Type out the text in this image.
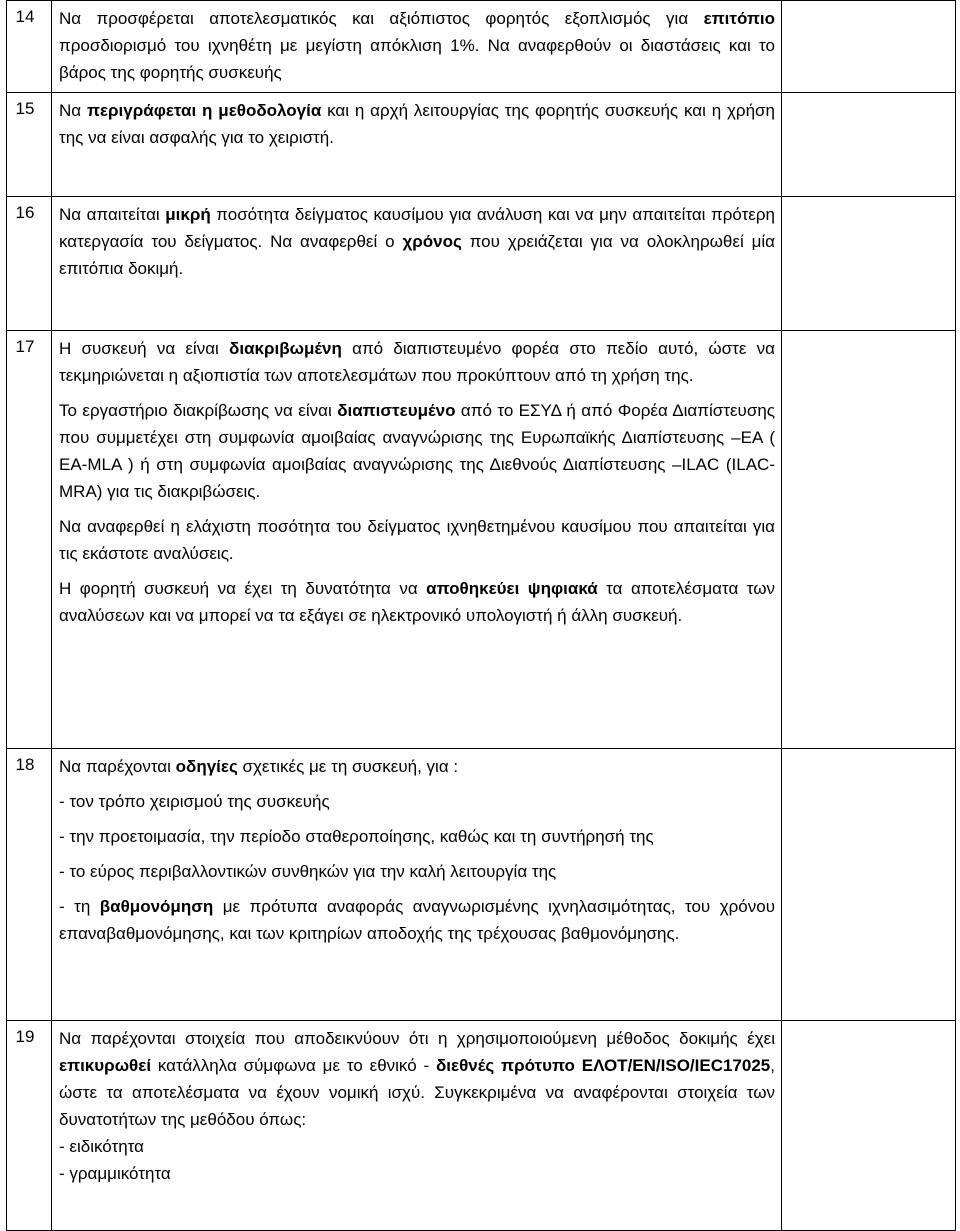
14	Να προσφέρεται αποτελεσματικός και αξιόπιστος φορητός εξοπλισμός για επιτόπιο προσδιορισμό του ιχνηθέτη με μεγίστη απόκλιση 1%. Να αναφερθούν οι διαστάσεις και το βάρος της φορητής συσκευής	

15	Να περιγράφεται η μεθοδολογία και η αρχή λειτουργίας της φορητής συσκευής και η χρήση της να είναι ασφαλής για το χειριστή.	

16	Να απαιτείται μικρή ποσότητα δείγματος καυσίμου για ανάλυση και να μην απαιτείται πρότερη κατεργασία του δείγματος. Να αναφερθεί ο χρόνος που χρειάζεται για να ολοκληρωθεί μία επιτόπια δοκιμή.	

17	Η συσκευή να είναι διακριβωμένη από διαπιστευμένο φορέα στο πεδίο αυτό, ώστε να τεκμηριώνεται η αξιοπιστία των αποτελεσμάτων που προκύπτουν από τη χρήση της.

Το εργαστήριο διακρίβωσης να είναι διαπιστευμένο από το ΕΣΥΔ ή από Φορέα Διαπίστευσης που συμμετέχει στη συμφωνία αμοιβαίας αναγνώρισης της Ευρωπαϊκής Διαπίστευσης –ΕΑ ( ΕΑ-MLA ) ή στη συμφωνία αμοιβαίας αναγνώρισης της Διεθνούς Διαπίστευσης –ILAC (ILAC-MRA) για τις διακριβώσεις.

Να αναφερθεί η ελάχιστη ποσότητα του δείγματος ιχνηθετημένου καυσίμου που απαιτείται για τις εκάστοτε αναλύσεις.

Η φορητή συσκευή να έχει τη δυνατότητα να αποθηκεύει ψηφιακά τα αποτελέσματα των αναλύσεων και να μπορεί να τα εξάγει σε ηλεκτρονικό υπολογιστή ή άλλη συσκευή.	

18	Να παρέχονται οδηγίες σχετικές με τη συσκευή, για :

- τον τρόπο χειρισμού της συσκευής

- την προετοιμασία, την περίοδο σταθεροποίησης, καθώς και τη συντήρησή της

- το εύρος περιβαλλοντικών συνθηκών για την καλή λειτουργία της

- τη βαθμονόμηση με πρότυπα αναφοράς αναγνωρισμένης ιχνηλασιμότητας, του χρόνου επαναβαθμονόμησης, και των κριτηρίων αποδοχής της τρέχουσας βαθμονόμησης.	

19	Να παρέχονται στοιχεία που αποδεικνύουν ότι η χρησιμοποιούμενη μέθοδος δοκιμής έχει επικυρωθεί κατάλληλα σύμφωνα με το εθνικό - διεθνές πρότυπο ΕΛΟΤ/ΕΝ/ISO/IEC17025, ώστε τα αποτελέσματα να έχουν νομική ισχύ. Συγκεκριμένα να αναφέρονται στοιχεία των δυνατοτήτων της μεθόδου όπως:

- ειδικότητα

- γραμμικότητα	
